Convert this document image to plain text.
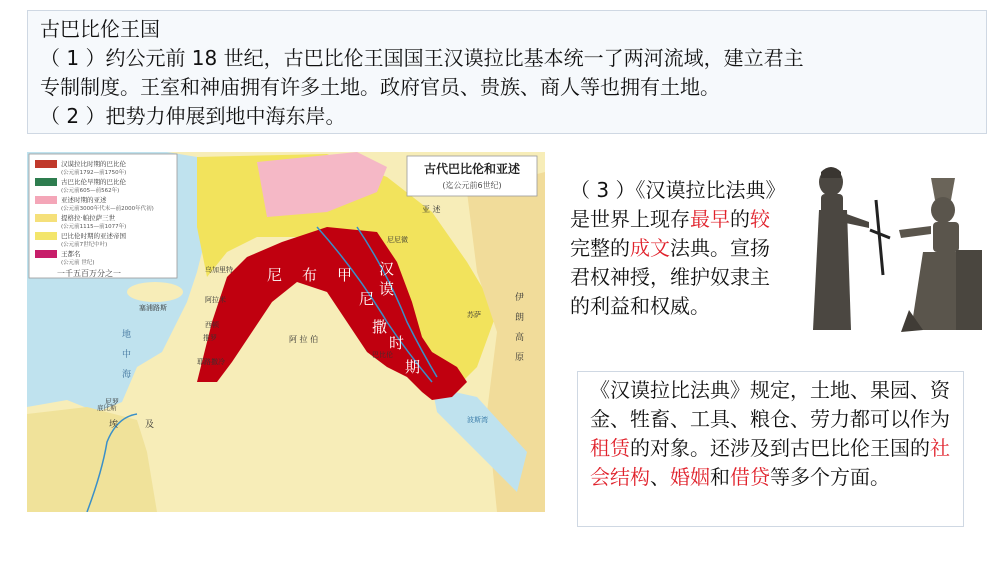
古巴比伦王国

（ 1 ）约公元前 18 世纪，古巴比伦王国国王汉谟拉比基本统一了两河流域，建立君主

专制制度。王室和神庙拥有许多土地。政府官员、贵族、商人等也拥有土地。

（ 2 ）把势力伸展到地中海东岸。

汉谟拉比时期的巴比伦
(公元前1792—前1750年)
古巴比伦早期的巴比伦
(公元前605—前562年)
亚述时期的亚述
(公元前3000年代末—前2000年代初)
提格拉·帕拉萨三世
(公元前1115—前1077年)
巴比伦时期的亚述帝国
(公元前7世纪中叶)
王都名
(公元前 世纪)
一千五百万分之一
古代巴比伦和亚述
(迄公元前6世纪)
尼 布 甲
尼
撒
时
期
汉
谟
乌加里特
塞浦路斯
阿拉米
西顿
推罗
耶路撒冷
阿 拉 伯
尼罗
埃	及
底比斯
巴比伦
伊
朗
高
原
亚 述
地
中
海
尼尼微
苏萨
波斯湾

（ 3 ）《汉谟拉比法典》是世界上现存最早的较完整的成文法典。宣扬君权神授，维护奴隶主的利益和权威。

《汉谟拉比法典》规定，土地、果园、资金、牲畜、工具、粮仓、劳力都可以作为租赁的对象。还涉及到古巴比伦王国的社会结构、婚姻和借贷等多个方面。
